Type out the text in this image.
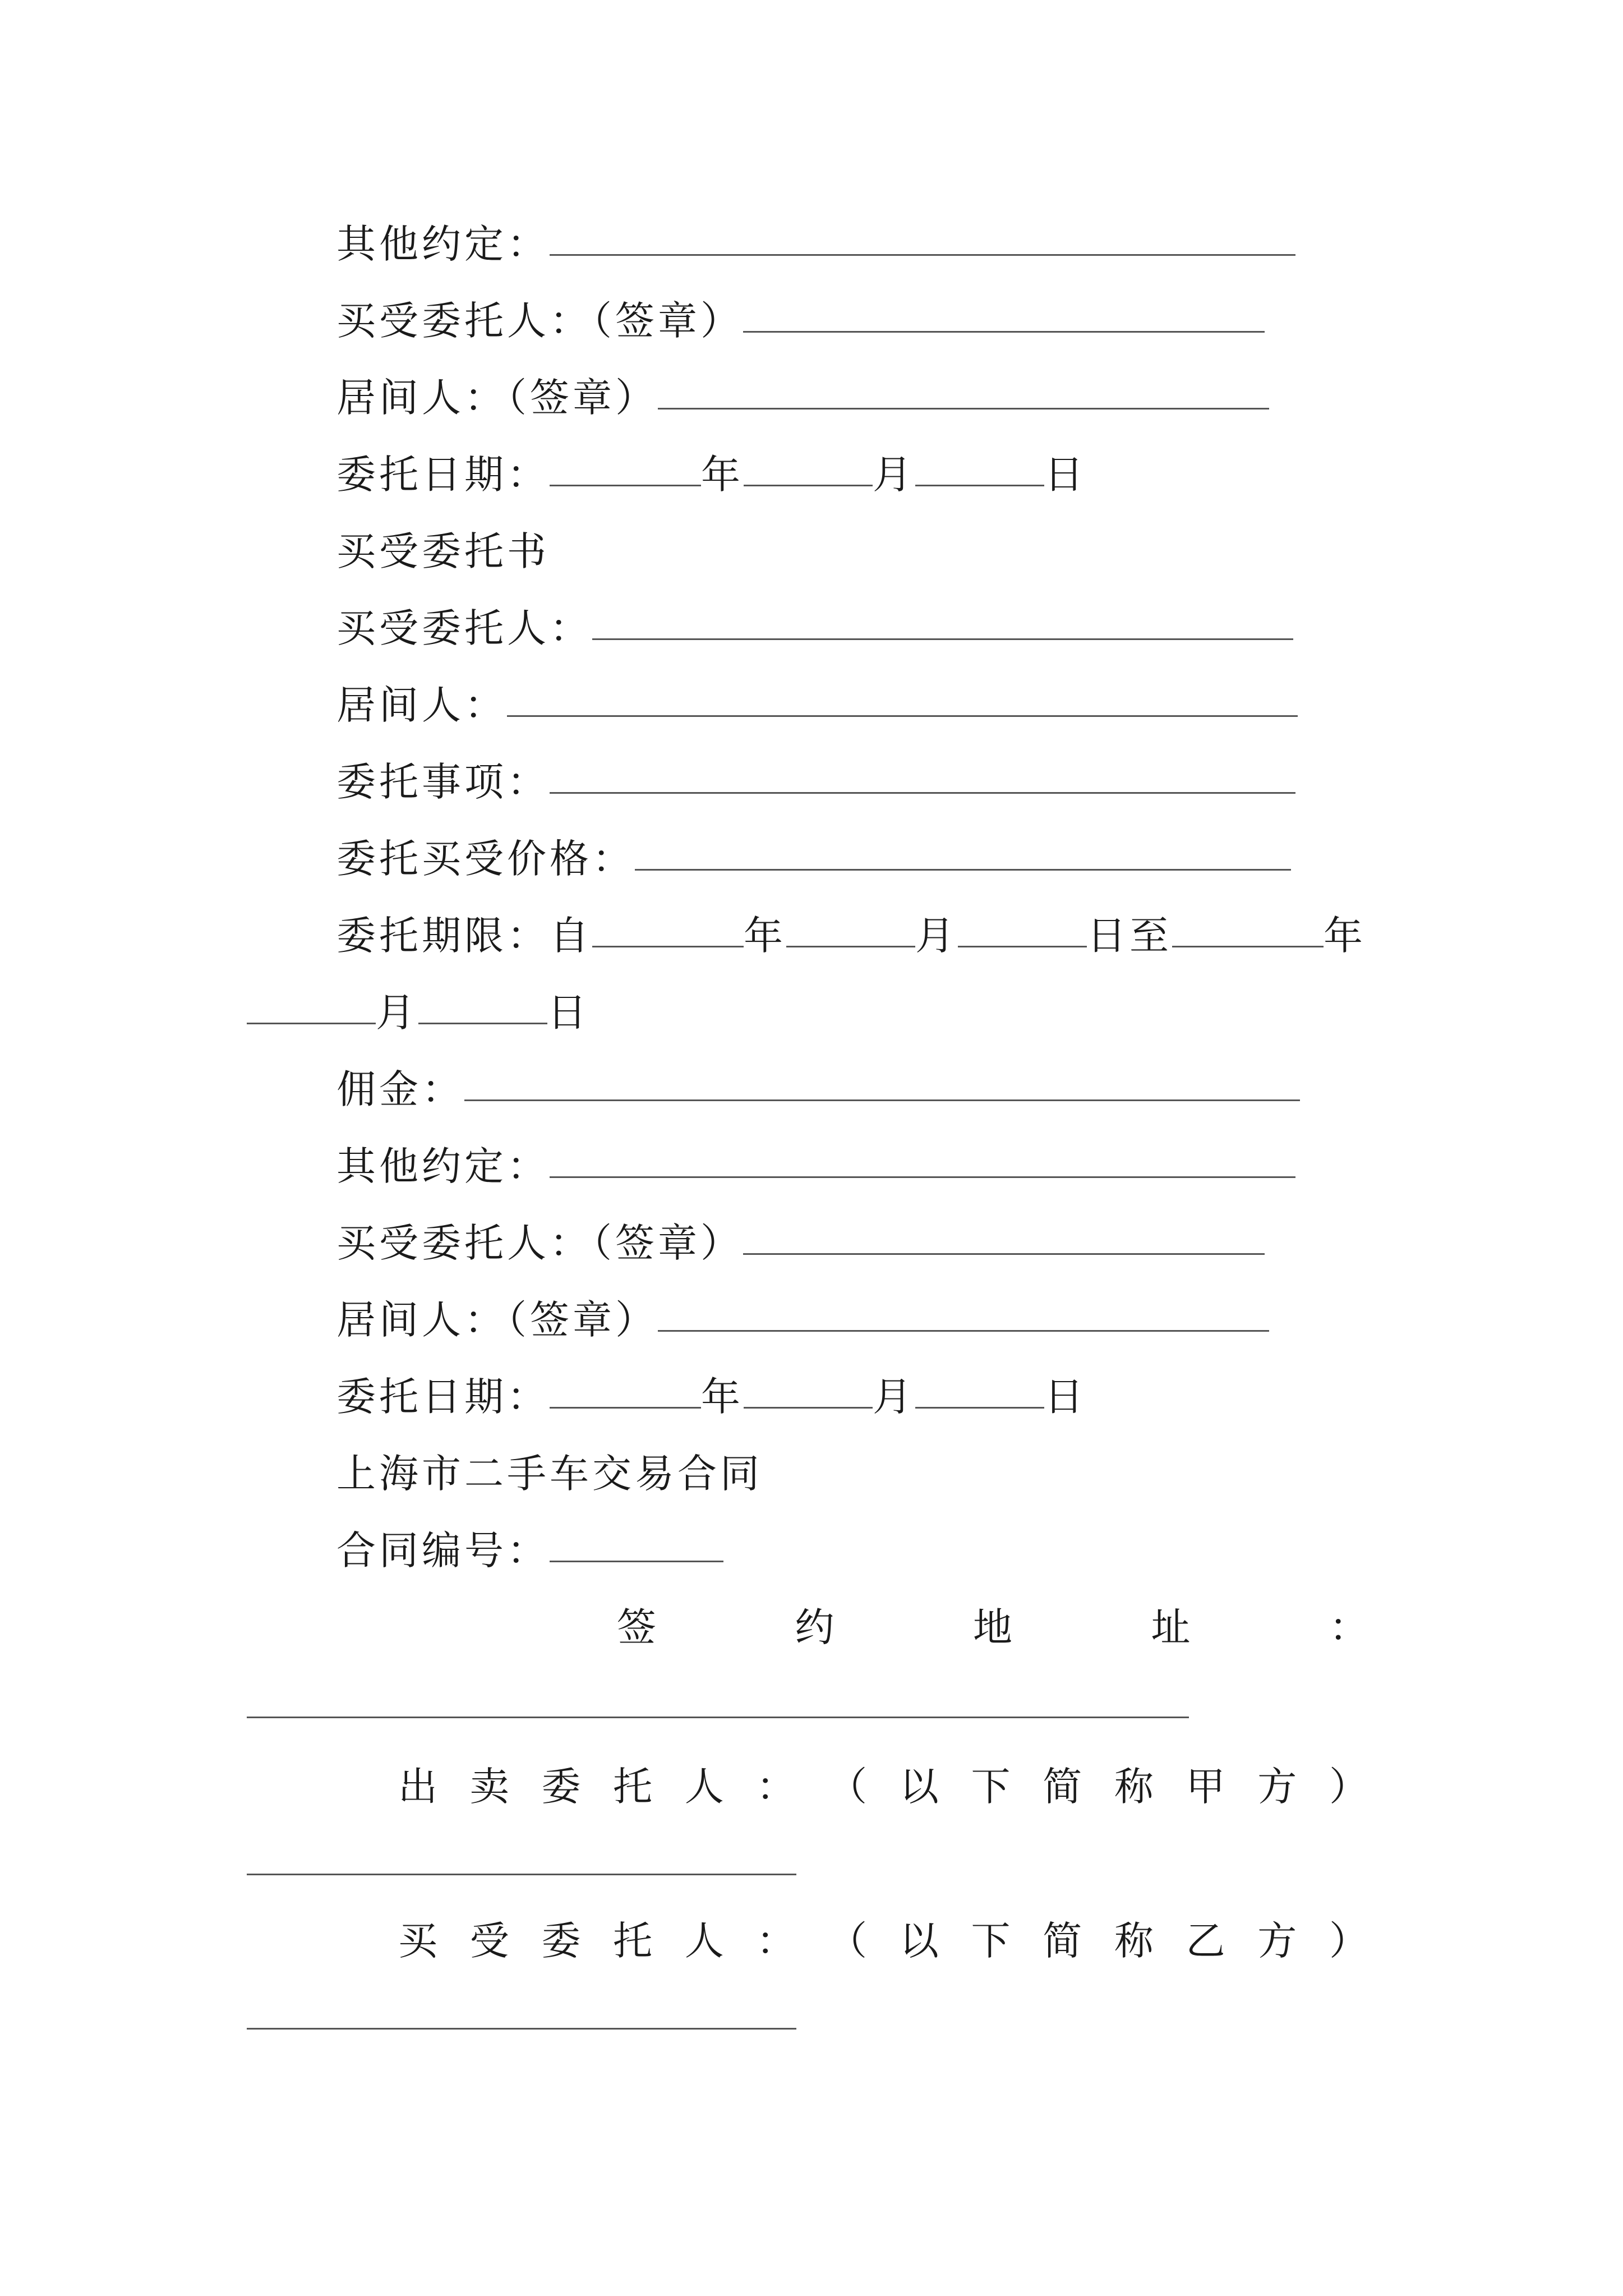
其他约定：
买受委托人：（签章）
居间人：（签章）
委托日期：	年	月	日
买受委托书
买受委托人：
居间人：
委托事项：
委托买受价格：
委托期限：自	年	月	日至	年
月	日
佣金：
其他约定：
买受委托人：（签章）
居间人：（签章）
委托日期：	年	月	日
上海市二手车交易合同
合同编号：
签	约	地	址	：
出 卖 委 托 人 ： （ 以 下 简 称 甲 方 ）
买 受 委 托 人 ： （ 以 下 简 称 乙 方 ）
